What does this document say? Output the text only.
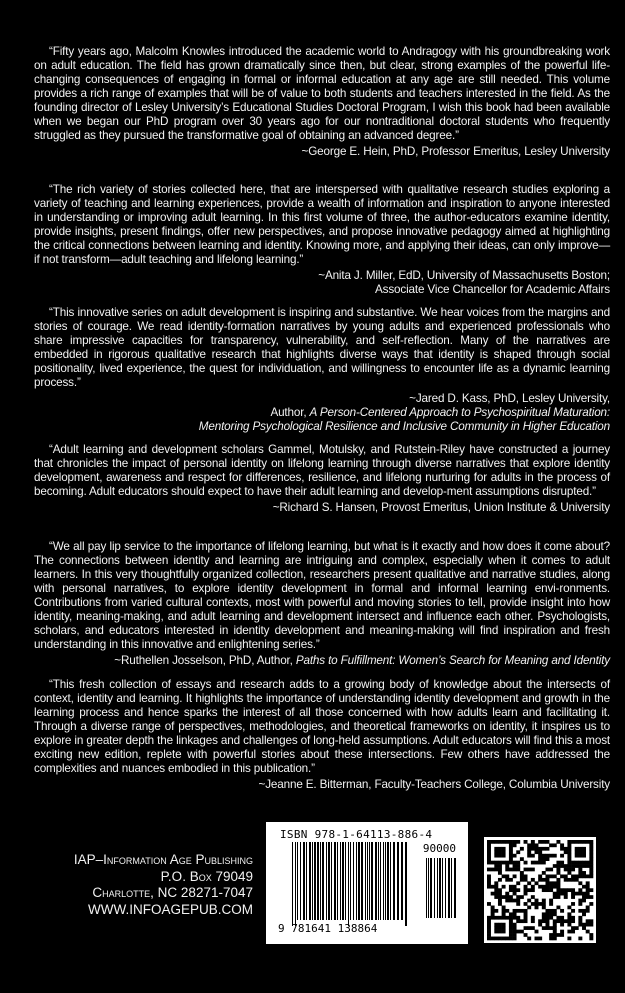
“Fifty years ago, Malcolm Knowles introduced the academic world to Andragogy with his groundbreaking work on adult education. The field has grown dramatically since then, but clear, strong examples of the powerful life-changing consequences of engaging in formal or informal education at any age are still needed. This volume provides a rich range of examples that will be of value to both students and teachers interested in the field. As the founding director of Lesley University’s Educational Studies Doctoral Program, I wish this book had been available when we began our PhD program over 30 years ago for our nontraditional doctoral students who frequently struggled as they pursued the transformative goal of obtaining an advanced degree.”

~George E. Hein, PhD, Professor Emeritus, Lesley University

“The rich variety of stories collected here, that are interspersed with qualitative research studies exploring a variety of teaching and learning experiences, provide a wealth of information and inspiration to anyone interested in understanding or improving adult learning. In this first volume of three, the author-educators examine identity, provide insights, present findings, offer new perspectives, and propose innovative pedagogy aimed at highlighting the critical connections between learning and identity. Knowing more, and applying their ideas, can only improve—if not transform—adult teaching and lifelong learning.”

~Anita J. Miller, EdD, University of Massachusetts Boston;
Associate Vice Chancellor for Academic Affairs

“This innovative series on adult development is inspiring and substantive. We hear voices from the margins and stories of courage. We read identity-formation narratives by young adults and experienced professionals who share impressive capacities for transparency, vulnerability, and self-reflection. Many of the narratives are embedded in rigorous qualitative research that highlights diverse ways that identity is shaped through social positionality, lived experience, the quest for individuation, and willingness to encounter life as a dynamic learning process.”

~Jared D. Kass, PhD, Lesley University,
Author, A Person-Centered Approach to Psychospiritual Maturation:
Mentoring Psychological Resilience and Inclusive Community in Higher Education

“Adult learning and development scholars Gammel, Motulsky, and Rutstein-Riley have constructed a journey that chronicles the impact of personal identity on lifelong learning through diverse narratives that explore identity development, awareness and respect for differences, resilience, and lifelong nurturing for adults in the process of becoming. Adult educators should expect to have their adult learning and develop-ment assumptions disrupted.”

~Richard S. Hansen, Provost Emeritus, Union Institute & University

“We all pay lip service to the importance of lifelong learning, but what is it exactly and how does it come about? The connections between identity and learning are intriguing and complex, especially when it comes to adult learners. In this very thoughtfully organized collection, researchers present qualitative and narrative studies, along with personal narratives, to explore identity development in formal and informal learning envi-ronments. Contributions from varied cultural contexts, most with powerful and moving stories to tell, provide insight into how identity, meaning-making, and adult learning and development intersect and influence each other. Psychologists, scholars, and educators interested in identity development and meaning-making will find inspiration and fresh understanding in this innovative and enlightening series.”

~Ruthellen Josselson, PhD, Author, Paths to Fulfillment: Women’s Search for Meaning and Identity

“This fresh collection of essays and research adds to a growing body of knowledge about the intersects of context, identity and learning. It highlights the importance of understanding identity development and growth in the learning process and hence sparks the interest of all those concerned with how adults learn and facilitating it. Through a diverse range of perspectives, methodologies, and theoretical frameworks on identity, it inspires us to explore in greater depth the linkages and challenges of long-held assumptions. Adult educators will find this a most exciting new edition, replete with powerful stories about these intersections. Few others have addressed the complexities and nuances embodied in this publication.”

~Jeanne E. Bitterman, Faculty-Teachers College, Columbia University
IAP–Information Age Publishing
P.O. Box 79049
Charlotte, NC 28271-7047
WWW.INFOAGEPUB.COM
ISBN 978-1-64113-886-4
90000
9 781641 138864
